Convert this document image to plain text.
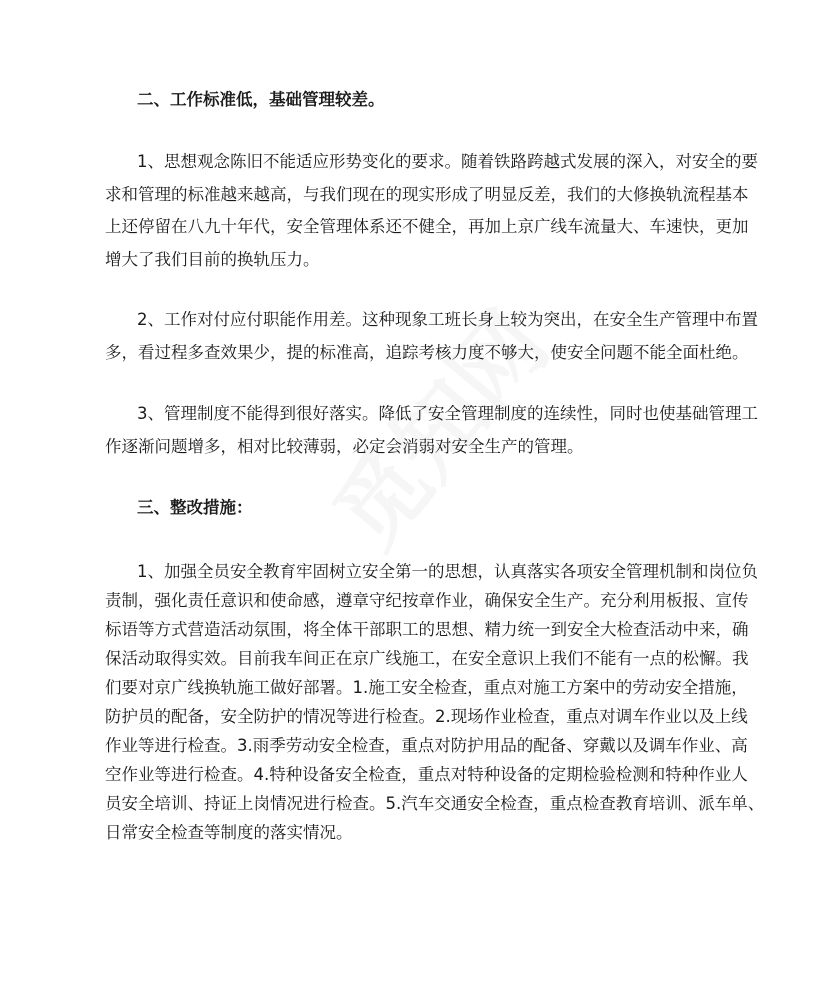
二、工作标准低，基础管理较差。
1、思想观念陈旧不能适应形势变化的要求。随着铁路跨越式发展的深入，对安全的要
求和管理的标准越来越高，与我们现在的现实形成了明显反差，我们的大修换轨流程基本
上还停留在八九十年代，安全管理体系还不健全，再加上京广线车流量大、车速快，更加
增大了我们目前的换轨压力。
2、工作对付应付职能作用差。这种现象工班长身上较为突出，在安全生产管理中布置
多，看过程多查效果少，提的标准高，追踪考核力度不够大，使安全问题不能全面杜绝。
3、管理制度不能得到很好落实。降低了安全管理制度的连续性，同时也使基础管理工
作逐渐问题增多，相对比较薄弱，必定会消弱对安全生产的管理。
三、整改措施：
1、加强全员安全教育牢固树立安全第一的思想，认真落实各项安全管理机制和岗位负
责制，强化责任意识和使命感，遵章守纪按章作业，确保安全生产。充分利用板报、宣传
标语等方式营造活动氛围，将全体干部职工的思想、精力统一到安全大检查活动中来，确
保活动取得实效。目前我车间正在京广线施工，在安全意识上我们不能有一点的松懈。我
们要对京广线换轨施工做好部署。1.施工安全检查，重点对施工方案中的劳动安全措施，
防护员的配备，安全防护的情况等进行检查。2.现场作业检查，重点对调车作业以及上线
作业等进行检查。3.雨季劳动安全检查，重点对防护用品的配备、穿戴以及调车作业、高
空作业等进行检查。4.特种设备安全检查，重点对特种设备的定期检验检测和特种作业人
员安全培训、持证上岗情况进行检查。5.汽车交通安全检查，重点检查教育培训、派车单、
日常安全检查等制度的落实情况。
